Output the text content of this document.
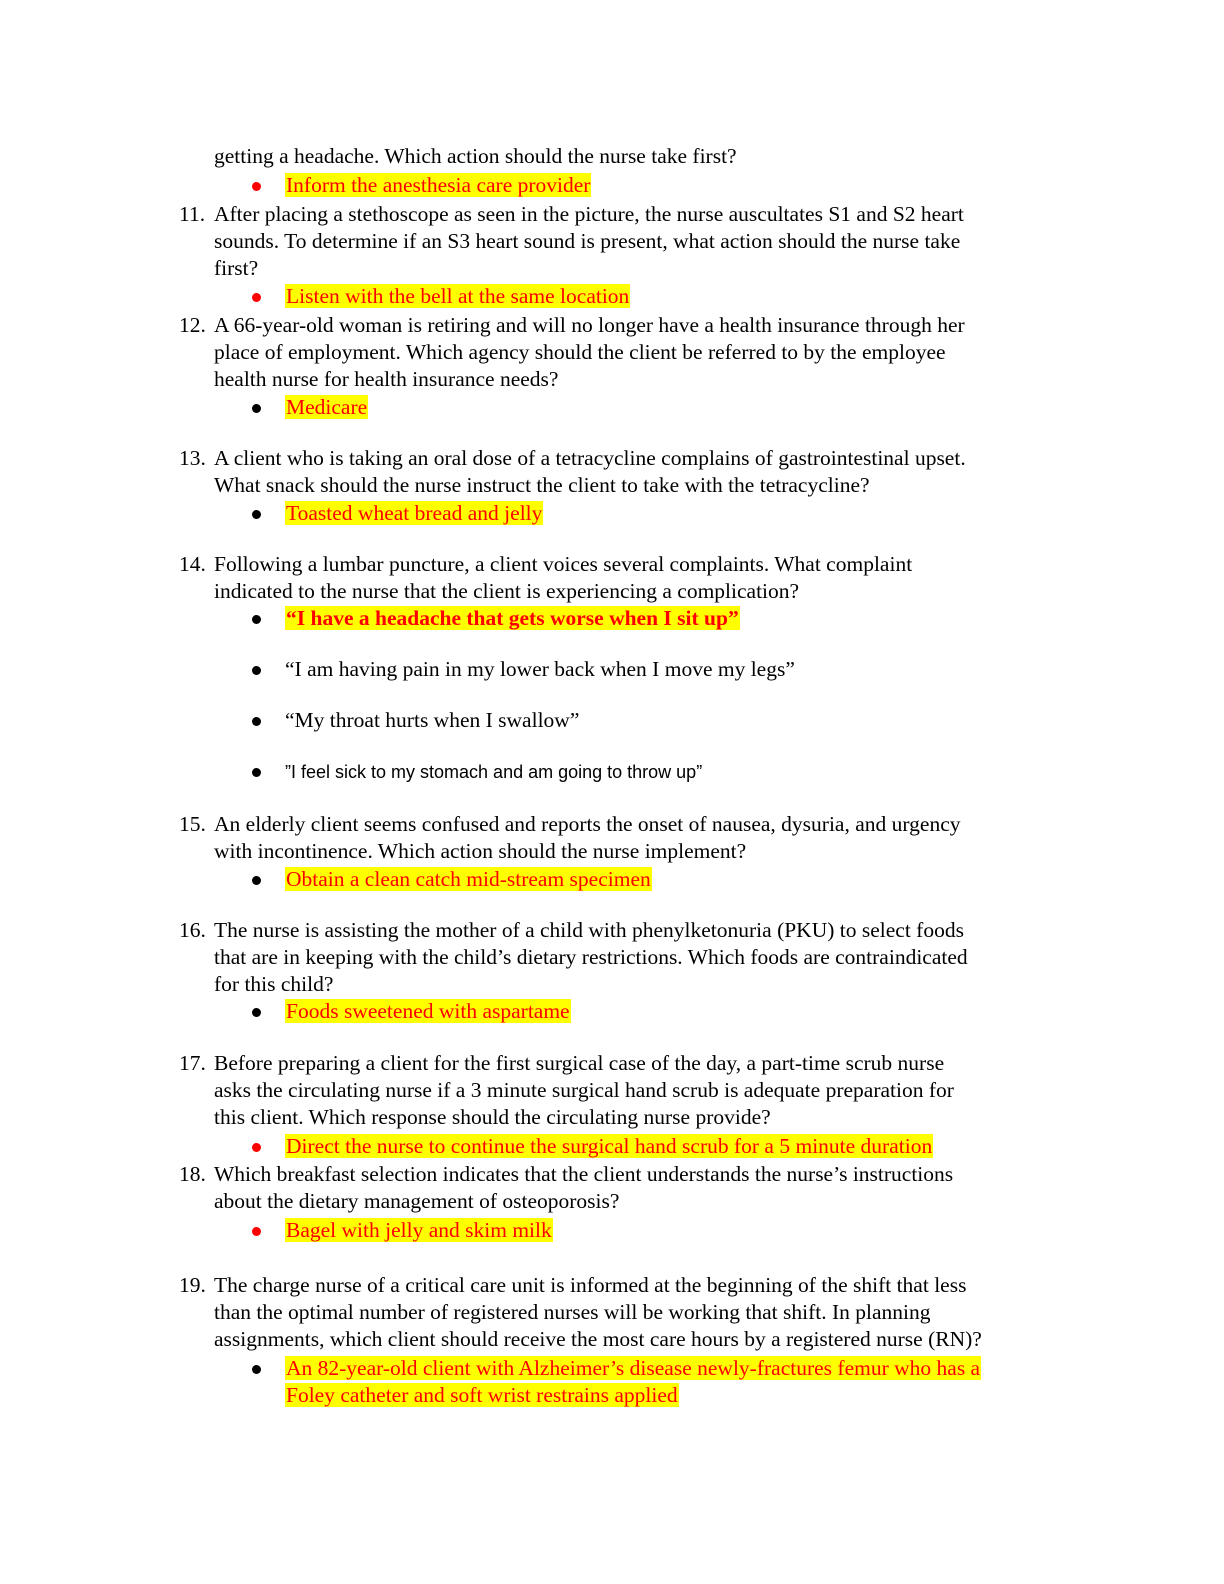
getting a headache. Which action should the nurse take first?
Inform the anesthesia care provider
11. After placing a stethoscope as seen in the picture, the nurse auscultates S1 and S2 heart
sounds. To determine if an S3 heart sound is present, what action should the nurse take
first?
Listen with the bell at the same location
12. A 66-year-old woman is retiring and will no longer have a health insurance through her
place of employment. Which agency should the client be referred to by the employee
health nurse for health insurance needs?
Medicare
13. A client who is taking an oral dose of a tetracycline complains of gastrointestinal upset.
What snack should the nurse instruct the client to take with the tetracycline?
Toasted wheat bread and jelly
14. Following a lumbar puncture, a client voices several complaints. What complaint
indicated to the nurse that the client is experiencing a complication?
“I have a headache that gets worse when I sit up”
“I am having pain in my lower back when I move my legs”
“My throat hurts when I swallow”
”I feel sick to my stomach and am going to throw up”
15. An elderly client seems confused and reports the onset of nausea, dysuria, and urgency
with incontinence. Which action should the nurse implement?
Obtain a clean catch mid-stream specimen
16. The nurse is assisting the mother of a child with phenylketonuria (PKU) to select foods
that are in keeping with the child’s dietary restrictions. Which foods are contraindicated
for this child?
Foods sweetened with aspartame
17. Before preparing a client for the first surgical case of the day, a part-time scrub nurse
asks the circulating nurse if a 3 minute surgical hand scrub is adequate preparation for
this client. Which response should the circulating nurse provide?
Direct the nurse to continue the surgical hand scrub for a 5 minute duration
18. Which breakfast selection indicates that the client understands the nurse’s instructions
about the dietary management of osteoporosis?
Bagel with jelly and skim milk
19. The charge nurse of a critical care unit is informed at the beginning of the shift that less
than the optimal number of registered nurses will be working that shift. In planning
assignments, which client should receive the most care hours by a registered nurse (RN)?
An 82-year-old client with Alzheimer’s disease newly-fractures femur who has a
Foley catheter and soft wrist restrains applied
